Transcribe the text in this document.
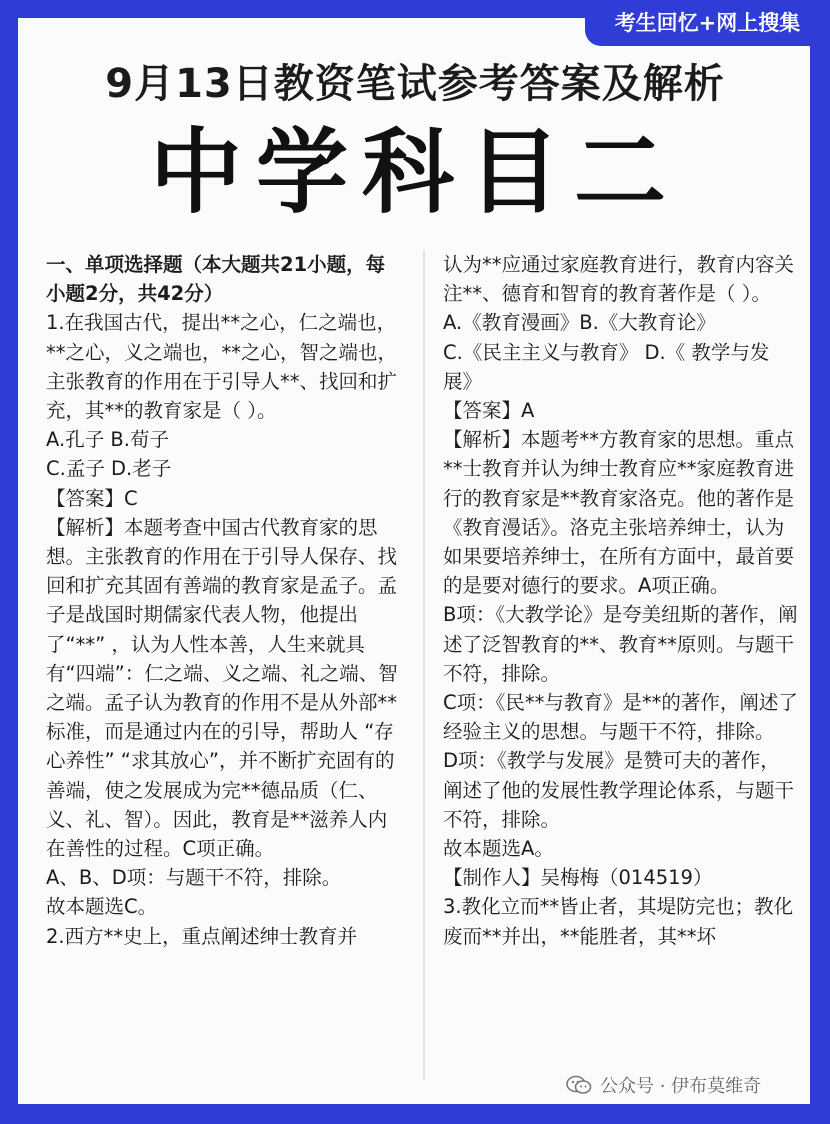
考生回忆+网上搜集
9月13日教资笔试参考答案及解析
中学科目二

一、单项选择题（本大题共21小题，每小题2分，共42分）

1.在我国古代，提出**之心，仁之端也，**之心，义之端也，**之心，智之端也，主张教育的作用在于引导人**、找回和扩充，其**的教育家是（ ）。

A.孔子 B.荀子

C.孟子 D.老子

【答案】C

【解析】本题考查中国古代教育家的思想。主张教育的作用在于引导人保存、找回和扩充其固有善端的教育家是孟子。孟子是战国时期儒家代表人物，他提出了“**” ，认为人性本善，人生来就具有“四端”：仁之端、义之端、礼之端、智之端。孟子认为教育的作用不是从外部**标准，而是通过内在的引导，帮助人 “存心养性” “求其放心”，并不断扩充固有的善端，使之发展成为完**德品质（仁、义、礼、智）。因此，教育是**滋养人内在善性的过程。C项正确。

A、B、D项：与题干不符，排除。

故本题选C。

2.西方**史上，重点阐述绅士教育并

认为**应通过家庭教育进行，教育内容关注**、德育和智育的教育著作是（ ）。

A.《教育漫画》B.《大教育论》

C.《民主主义与教育》 D.《 教学与发展》

【答案】A

【解析】本题考**方教育家的思想。重点**士教育并认为绅士教育应**家庭教育进行的教育家是**教育家洛克。他的著作是《教育漫话》。洛克主张培养绅士，认为如果要培养绅士，在所有方面中，最首要的是要对德行的要求。A项正确。

B项：《大教学论》是夸美纽斯的著作，阐述了泛智教育的**、教育**原则。与题干不符，排除。

C项：《民**与教育》是**的著作，阐述了经验主义的思想。与题干不符，排除。

D项：《教学与发展》是赞可夫的著作，阐述了他的发展性教学理论体系，与题干不符，排除。

故本题选A。

【制作人】吴梅梅（014519）

3.教化立而**皆止者，其堤防完也；教化废而**并出，**能胜者，其**坏

公众号 · 伊布莫维奇
